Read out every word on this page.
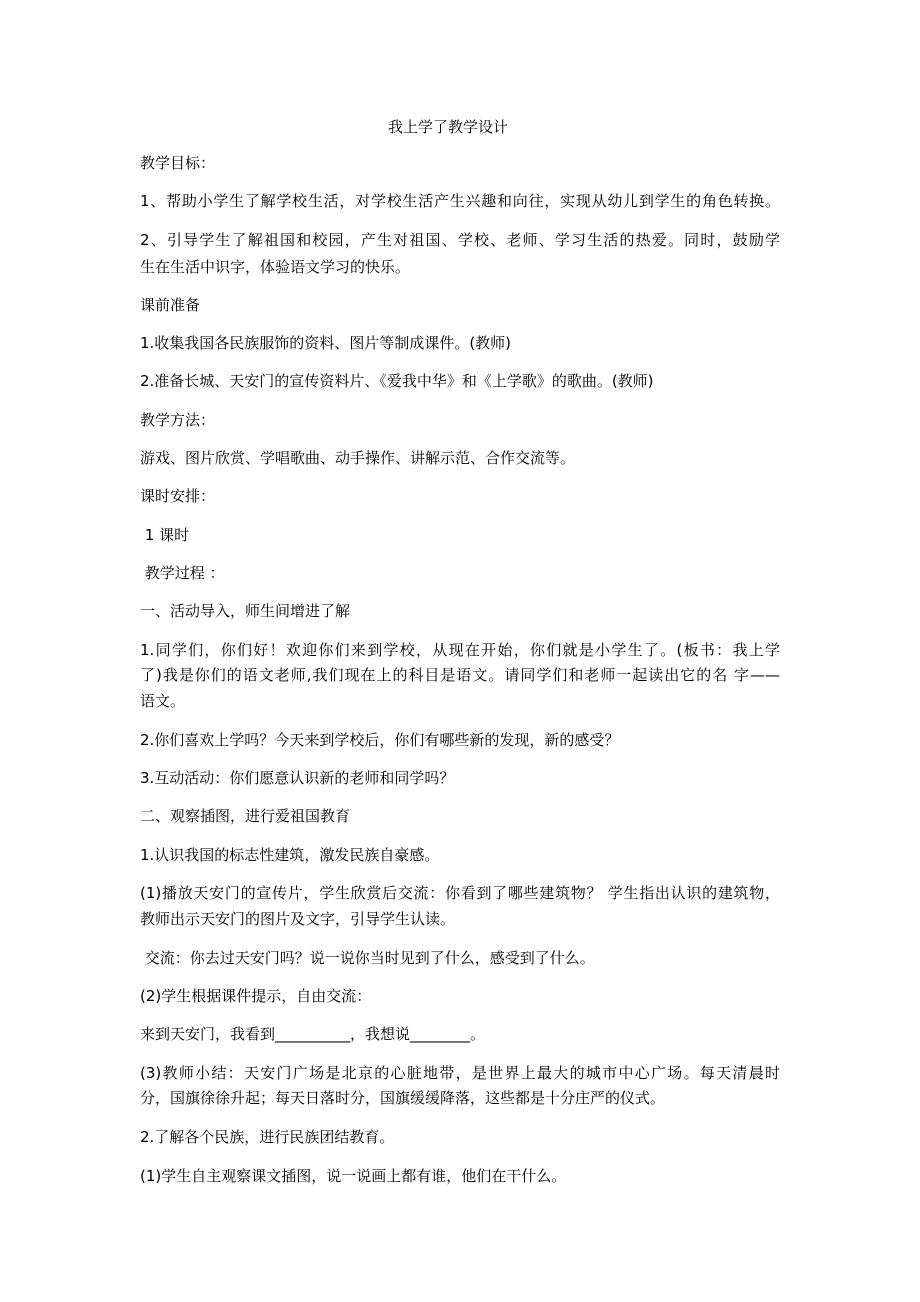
我上学了教学设计

教学目标：

1、帮助小学生了解学校生活，对学校生活产生兴趣和向往，实现从幼儿到学生的角色转换。

2、引导学生了解祖国和校园，产生对祖国、学校、老师、学习生活的热爱。同时，鼓励学

生在生活中识字，体验语文学习的快乐。

课前准备

1.收集我国各民族服饰的资料、图片等制成课件。(教师)

2.准备长城、天安门的宣传资料片、《爱我中华》和《上学歌》的歌曲。(教师)

教学方法：

游戏、图片欣赏、学唱歌曲、动手操作、讲解示范、合作交流等。

课时安排：

1 课时

教学过程 ：

一、活动导入，师生间增进了解

1.同学们，你们好！欢迎你们来到学校，从现在开始，你们就是小学生了。(板书：我上学

了)我是你们的语文老师,我们现在上的科目是语文。请同学们和老师一起读出它的名 字——

语文。

2.你们喜欢上学吗？今天来到学校后，你们有哪些新的发现，新的感受？

3.互动活动：你们愿意认识新的老师和同学吗？

二、观察插图，进行爱祖国教育

1.认识我国的标志性建筑，激发民族自豪感。

(1)播放天安门的宣传片，学生欣赏后交流：你看到了哪些建筑物？ 学生指出认识的建筑物，

教师出示天安门的图片及文字，引导学生认读。

交流：你去过天安门吗？说一说你当时见到了什么，感受到了什么。

(2)学生根据课件提示，自由交流：

来到天安门，我看到__________，我想说________。

(3)教师小结：天安门广场是北京的心脏地带，是世界上最大的城市中心广场。每天清晨时

分，国旗徐徐升起；每天日落时分，国旗缓缓降落，这些都是十分庄严的仪式。

2.了解各个民族，进行民族团结教育。

(1)学生自主观察课文插图，说一说画上都有谁，他们在干什么。
